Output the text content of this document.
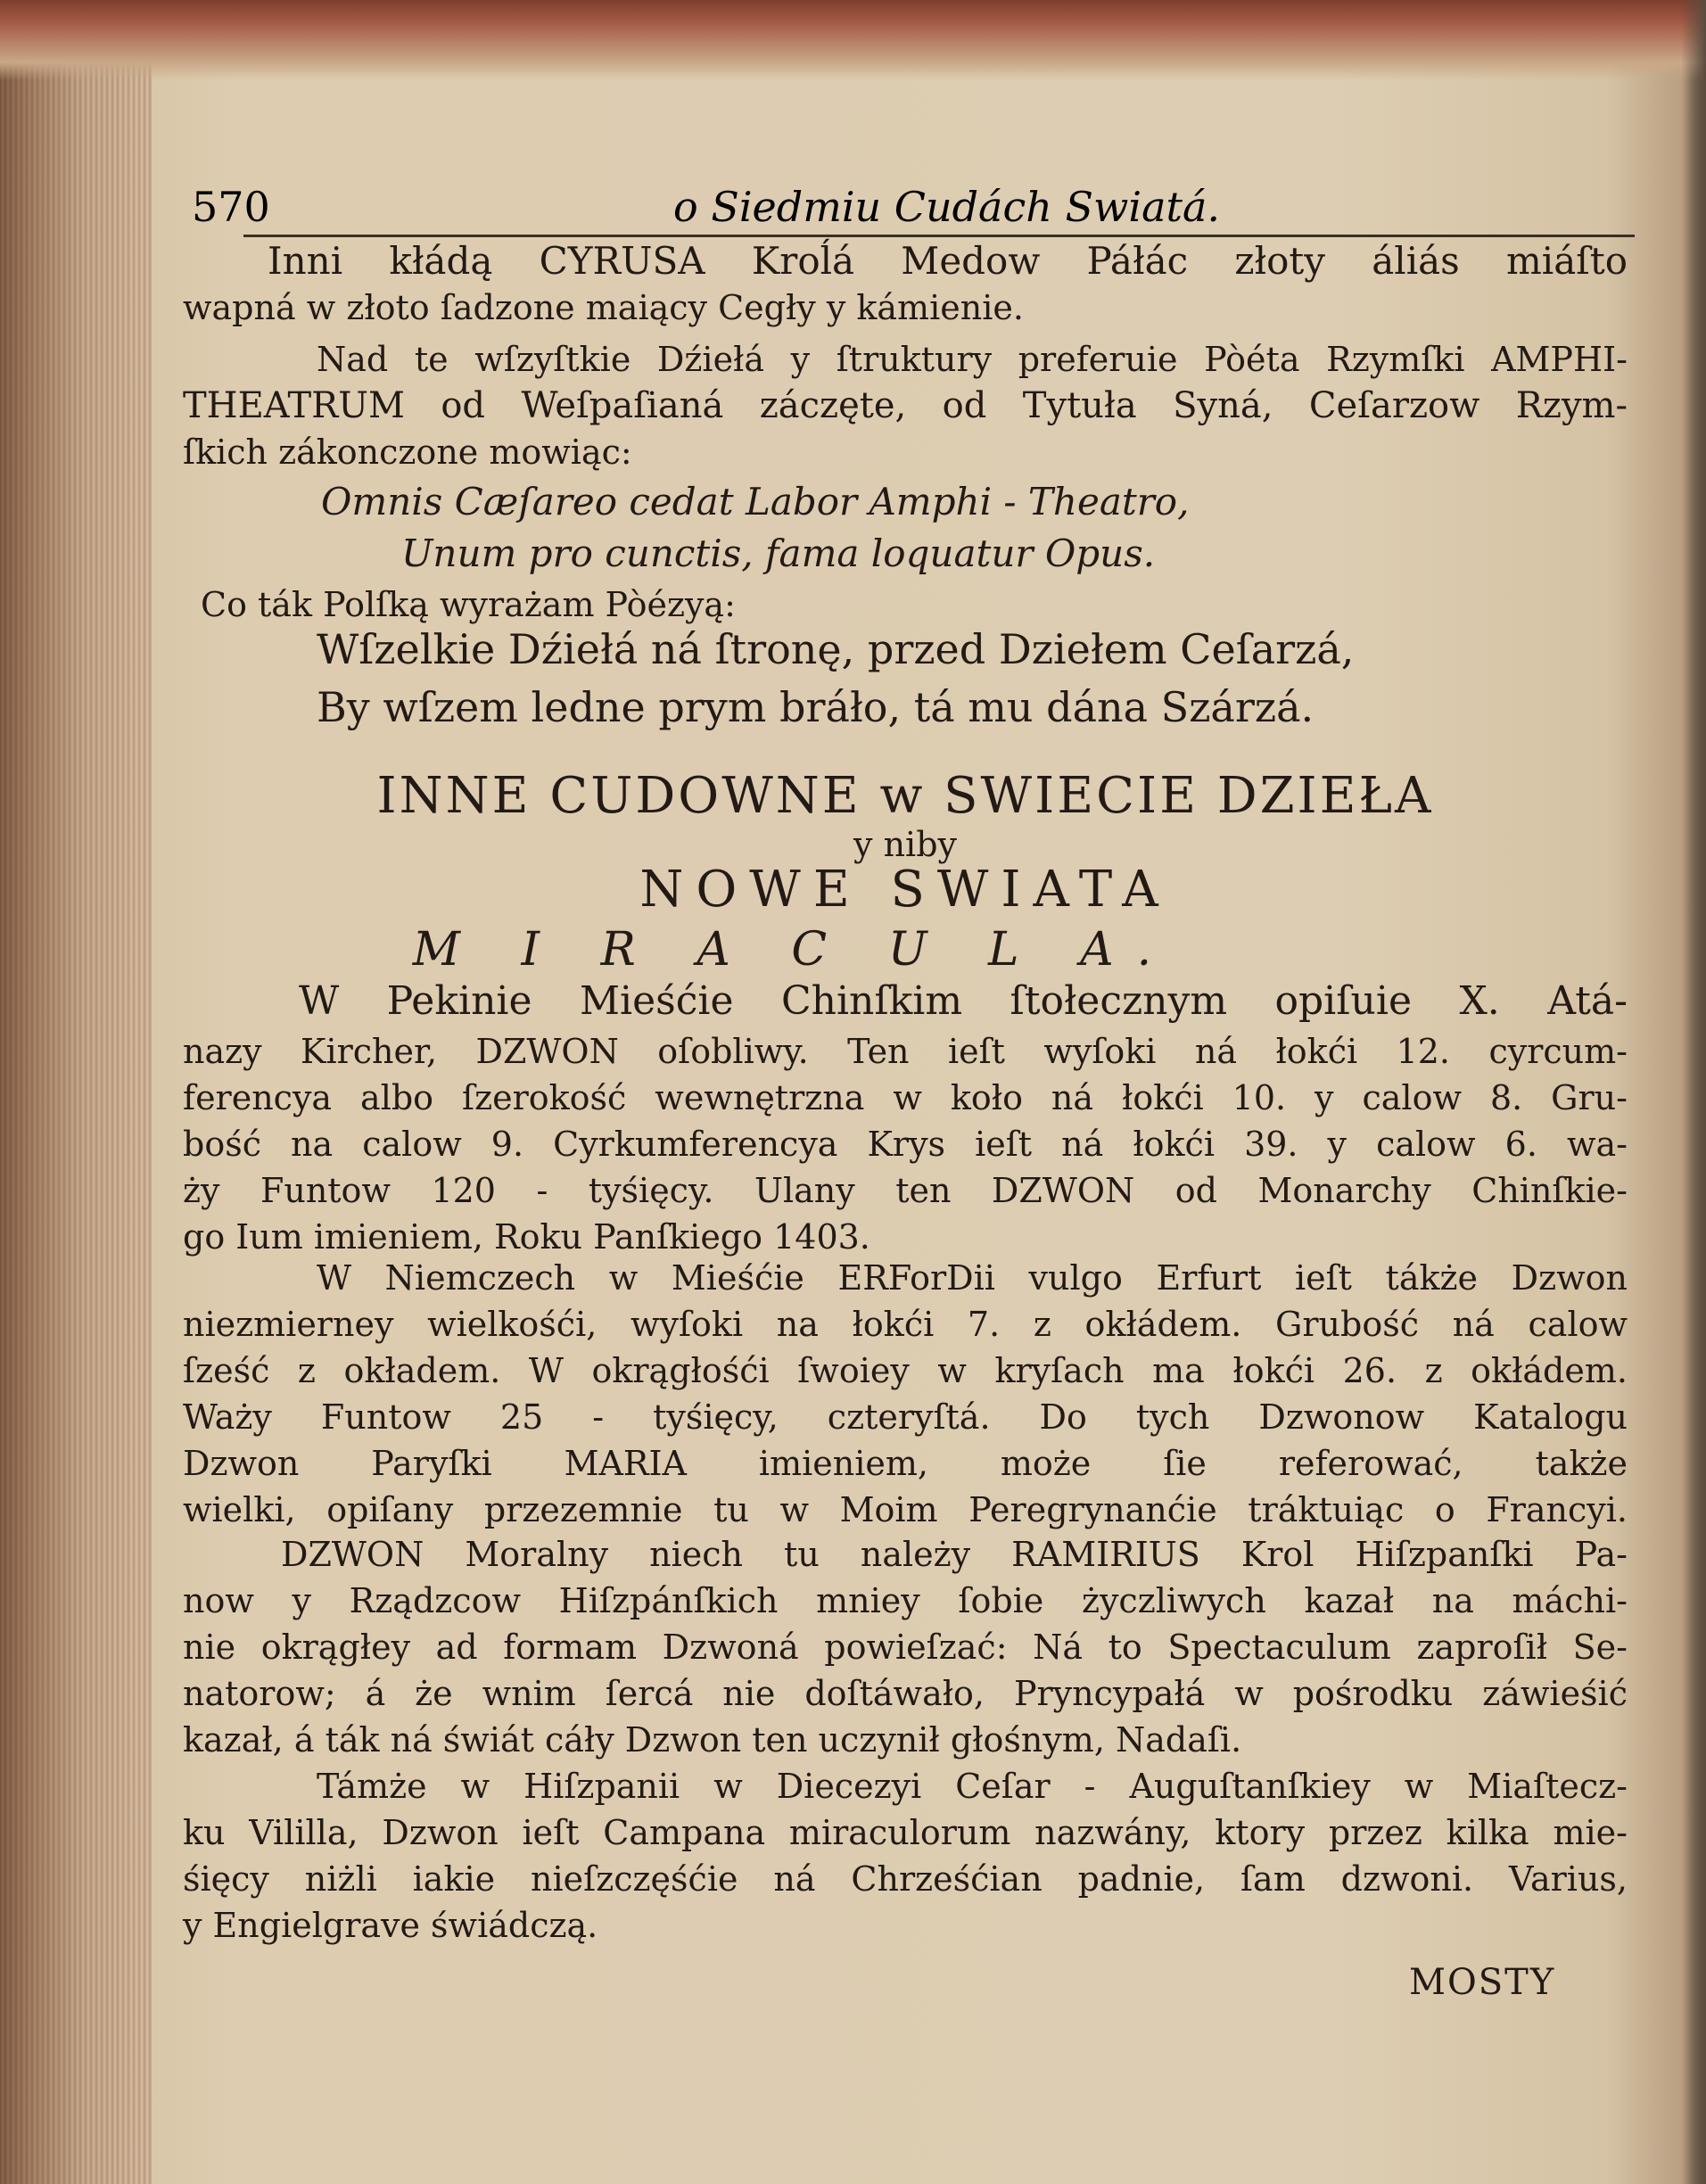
570	o Siedmiu Cudách Swiatá.
Inni kłádą CYRUSA Kroĺá Medow Páłác złoty áliás miáſto
wapná w złoto ſadzone maiący Cegły y kámienie.
Nad te wſzyſtkie Dźiełá y ſtruktury preferuie Pòéta Rzymſki AMPHI-
THEATRUM od Weſpaſianá záczęte, od Tytuła Syná, Ceſarzow Rzym-
ſkich zákonczone mowiąc:
Omnis Cæſareo cedat Labor Amphi - Theatro,
Unum pro cunctis, fama loquatur Opus.
Co ták Polſką wyrażam Pòézyą:
Wſzelkie Dźiełá ná ſtronę, przed Dziełem Ceſarzá,
By wſzem ledne prym bráło, tá mu dána Szárzá.
INNE CUDOWNE w SWIECIE DZIEŁA
y niby
NOWE SWIATA
M I R A C U L A.
W Pekinie Mieśćie Chinſkim ſtołecznym opiſuie X. Atá-
nazy Kircher, DZWON oſobliwy. Ten ieſt wyſoki ná łokći 12. cyrcum-
ferencya albo ſzerokość wewnętrzna w koło ná łokći 10. y calow 8. Gru-
bość na calow 9. Cyrkumferencya Krys ieſt ná łokći 39. y calow 6. wa-
ży Funtow 120 - tyśięcy. Ulany ten DZWON od Monarchy Chinſkie-
go Ium imieniem, Roku Panſkiego 1403.
W Niemczech w Mieśćie ERForDii vulgo Erfurt ieſt tákże Dzwon
niezmierney wielkośći, wyſoki na łokći 7. z okłádem. Grubość ná calow
ſześć z okładem. W okrągłośći ſwoiey w kryſach ma łokći 26. z okłádem.
Waży Funtow 25 - tyśięcy, czteryſtá. Do tych Dzwonow Katalogu
Dzwon Paryſki MARIA imieniem, może ſie referować, także
wielki, opiſany przezemnie tu w Moim Peregrynanćie tráktuiąc o Francyi.
DZWON Moralny niech tu należy RAMIRIUS Krol Hiſzpanſki Pa-
now y Rządzcow Hiſzpánſkich mniey ſobie życzliwych kazał na máchi-
nie okrągłey ad formam Dzwoná powieſzać: Ná to Spectaculum zaproſił Se-
natorow; á że wnim ſercá nie doſtáwało, Pryncypałá w pośrodku záwieśić
kazał, á ták ná świát cáły Dzwon ten uczynił głośnym, Nadaſi.
Támże w Hiſzpanii w Diecezyi Ceſar - Auguſtanſkiey w Miaſtecz-
ku Vililla, Dzwon ieſt Campana miraculorum nazwány, ktory przez kilka mie-
śięcy niżli iakie nieſzczęśćie ná Chrześćian padnie, ſam dzwoni. Varius,
y Engielgrave świádczą.
MOSTY
